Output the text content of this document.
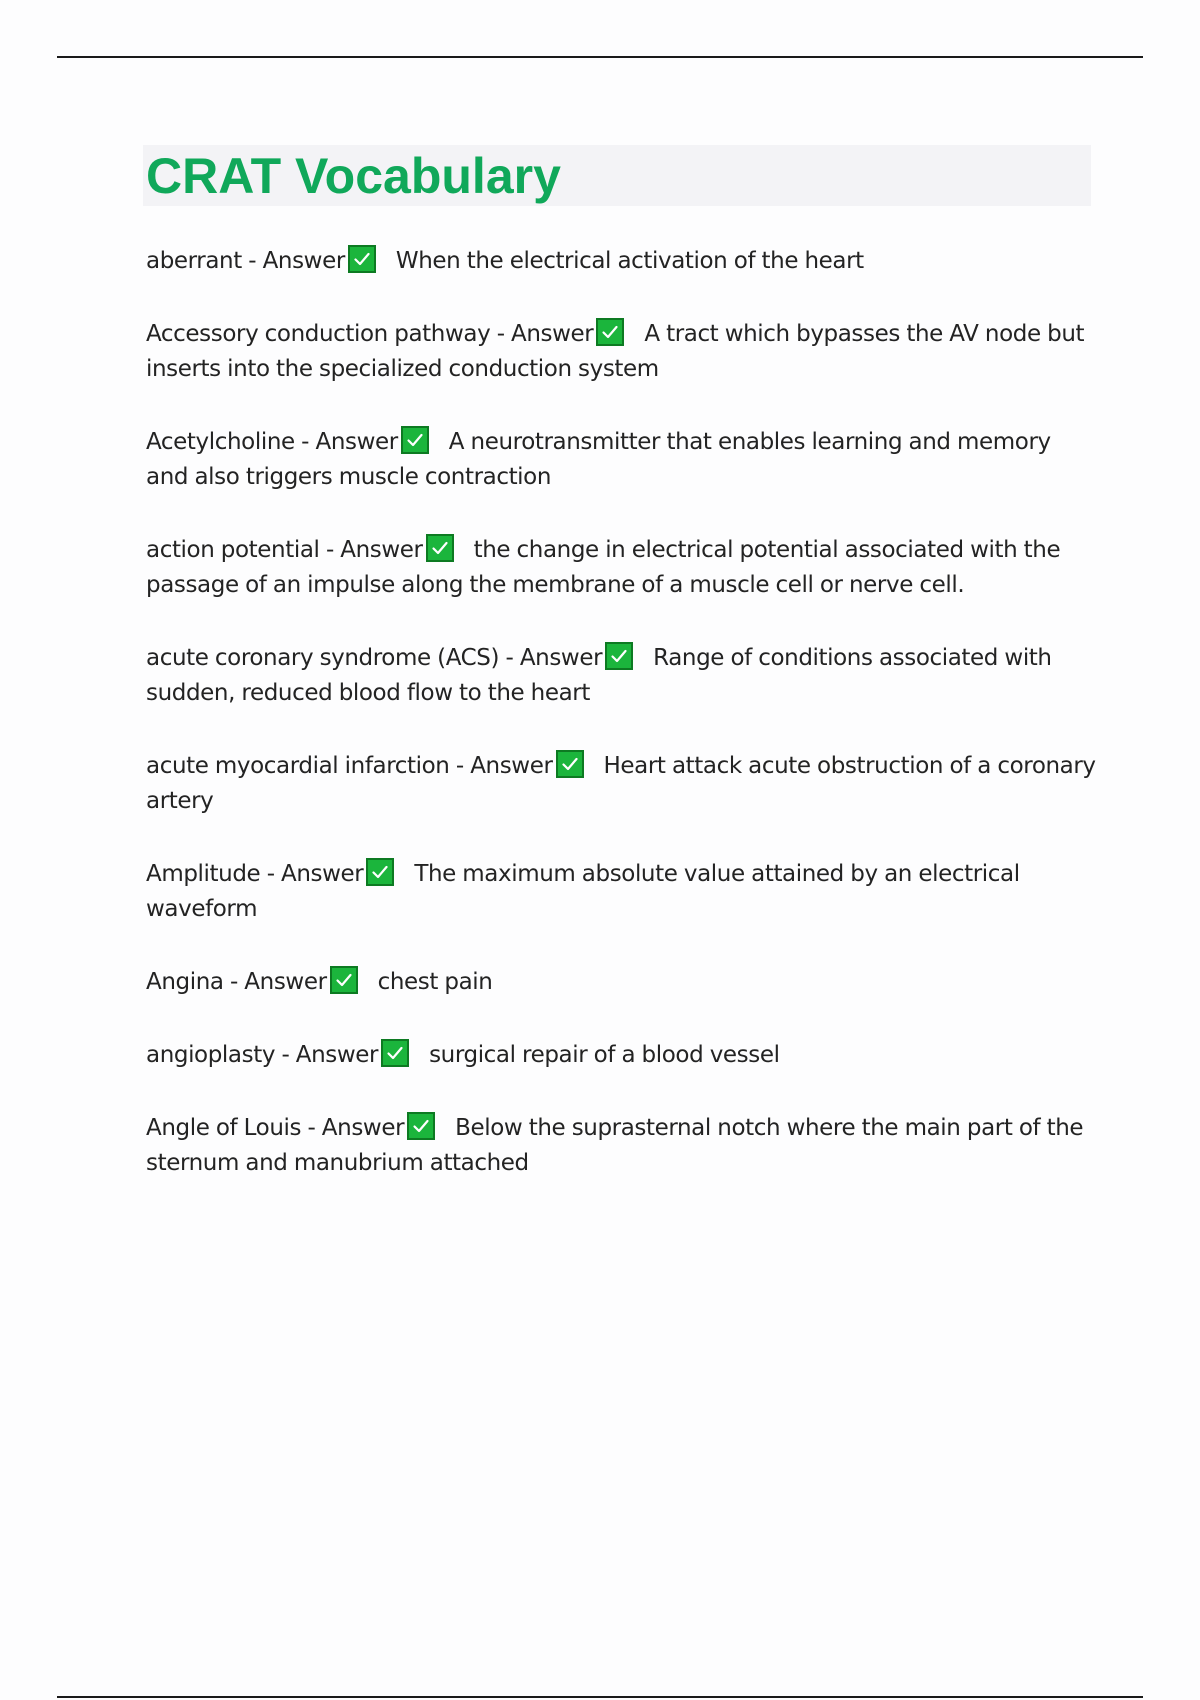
CRAT Vocabulary

aberrant - Answer When the electrical activation of the heart

Accessory conduction pathway - Answer A tract which bypasses the AV node but inserts into the specialized conduction system

Acetylcholine - Answer A neurotransmitter that enables learning and memory and also triggers muscle contraction

action potential - Answer the change in electrical potential associated with the passage of an impulse along the membrane of a muscle cell or nerve cell.

acute coronary syndrome (ACS) - Answer Range of conditions associated with sudden, reduced blood flow to the heart

acute myocardial infarction - Answer Heart attack acute obstruction of a coronary artery

Amplitude - Answer The maximum absolute value attained by an electrical waveform

Angina - Answer chest pain

angioplasty - Answer surgical repair of a blood vessel

Angle of Louis - Answer Below the suprasternal notch where the main part of the sternum and manubrium attached
